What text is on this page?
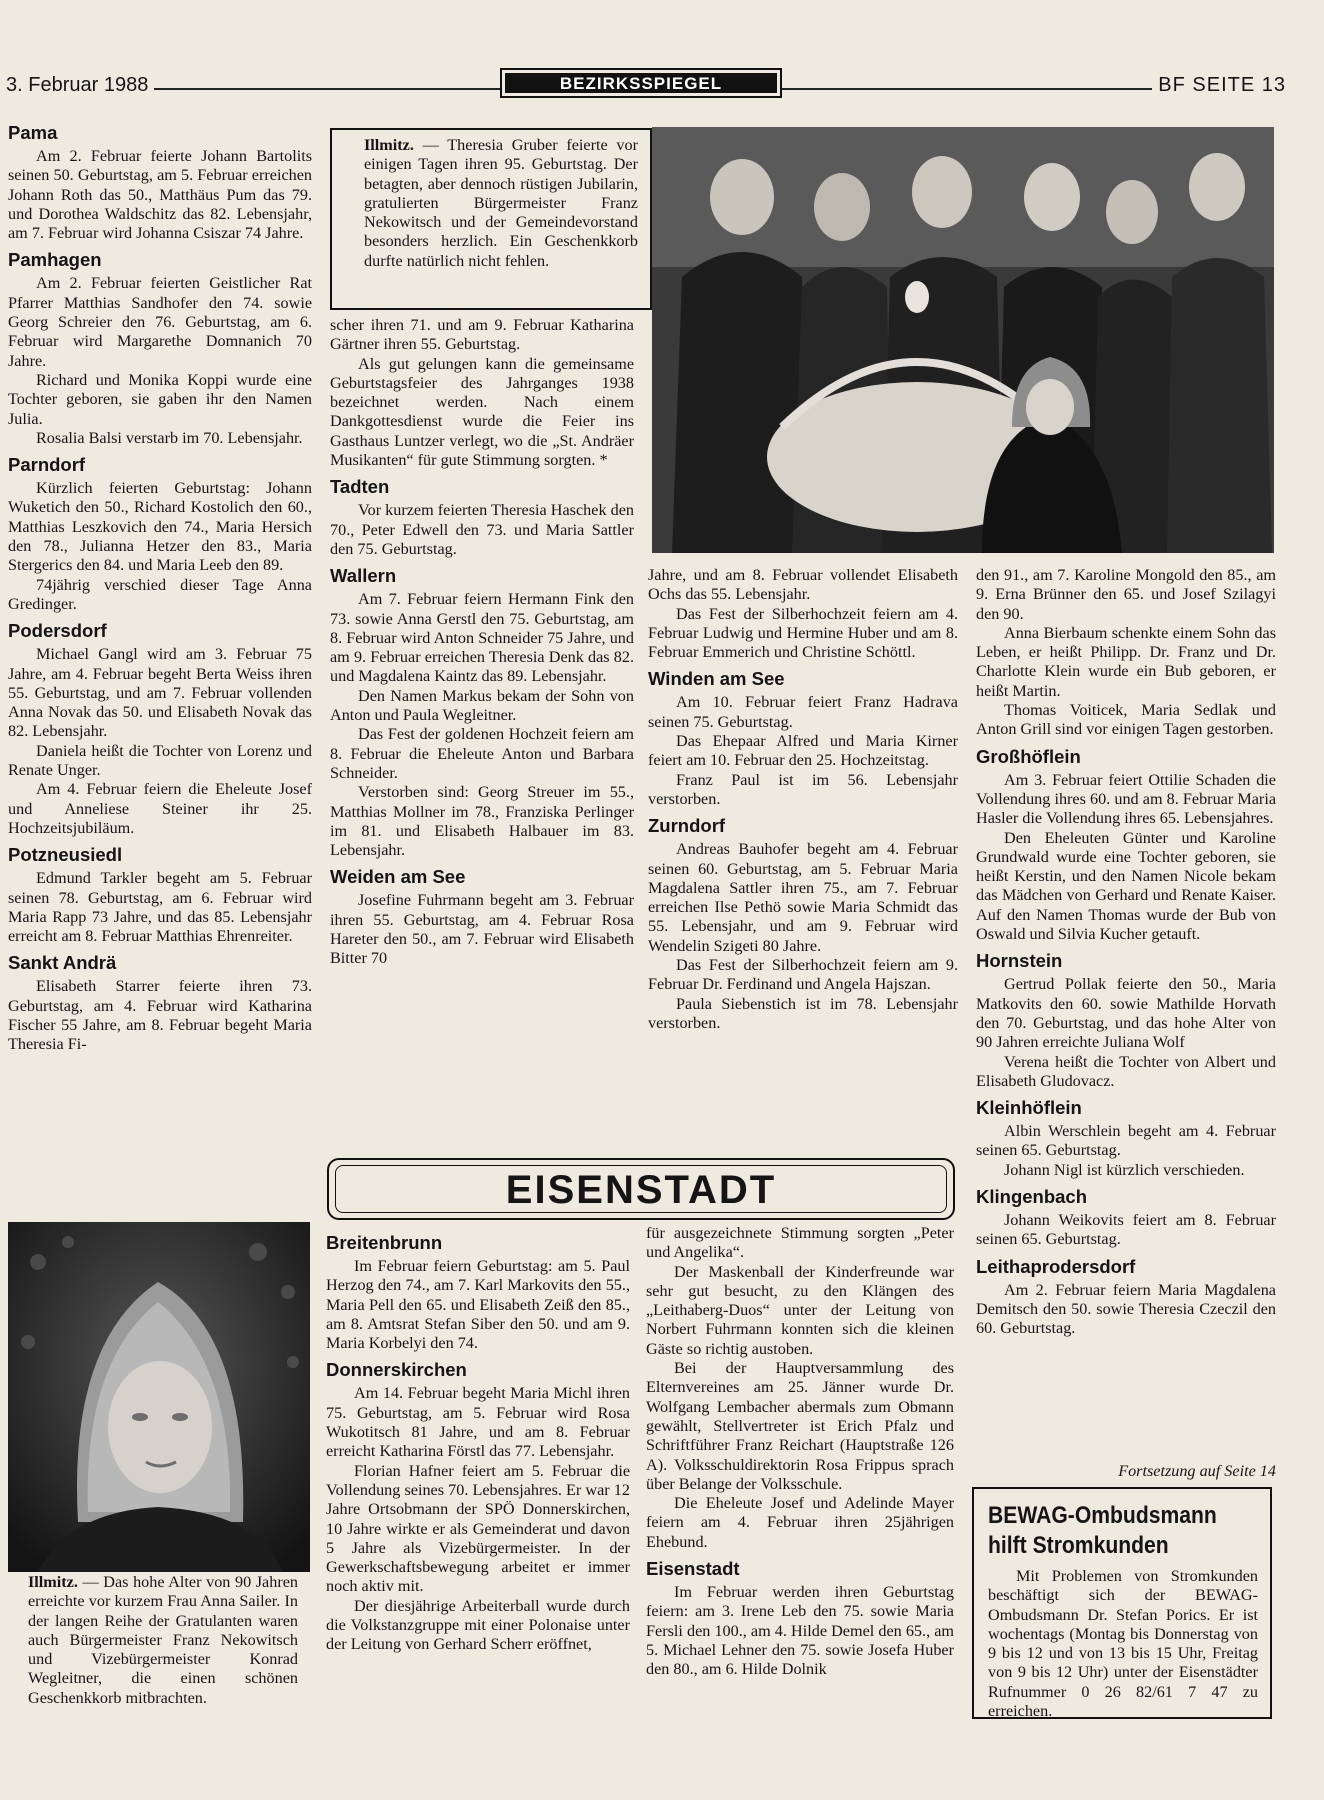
3. Februar 1988	BEZIRKSSPIEGEL	BF SEITE 13
Pama

Am 2. Februar feierte Johann Bartolits seinen 50. Geburtstag, am 5. Februar erreichen Johann Roth das 50., Matthäus Pum das 79. und Dorothea Waldschitz das 82. Lebensjahr, am 7. Februar wird Johanna Csiszar 74 Jahre.

Pamhagen

Am 2. Februar feierten Geistlicher Rat Pfarrer Matthias Sandhofer den 74. sowie Georg Schreier den 76. Geburtstag, am 6. Februar wird Margarethe Domnanich 70 Jahre.

Richard und Monika Koppi wurde eine Tochter geboren, sie gaben ihr den Namen Julia.

Rosalia Balsi verstarb im 70. Lebensjahr.

Parndorf

Kürzlich feierten Geburtstag: Johann Wuketich den 50., Richard Kostolich den 60., Matthias Leszkovich den 74., Maria Hersich den 78., Julianna Hetzer den 83., Maria Stergerics den 84. und Maria Leeb den 89.

74jährig verschied dieser Tage Anna Gredinger.

Podersdorf

Michael Gangl wird am 3. Februar 75 Jahre, am 4. Februar begeht Berta Weiss ihren 55. Geburtstag, und am 7. Februar vollenden Anna Novak das 50. und Elisabeth Novak das 82. Lebensjahr.

Daniela heißt die Tochter von Lorenz und Renate Unger.

Am 4. Februar feiern die Eheleute Josef und Anneliese Steiner ihr 25. Hochzeitsjubiläum.

Potzneusiedl

Edmund Tarkler begeht am 5. Februar seinen 78. Geburtstag, am 6. Februar wird Maria Rapp 73 Jahre, und das 85. Lebensjahr erreicht am 8. Februar Matthias Ehrenreiter.

Sankt Andrä

Elisabeth Starrer feierte ihren 73. Geburtstag, am 4. Februar wird Katharina Fischer 55 Jahre, am 8. Februar begeht Maria Theresia Fi-

Illmitz. — Das hohe Alter von 90 Jahren erreichte vor kurzem Frau Anna Sailer. In der langen Reihe der Gratulanten waren auch Bürgermeister Franz Nekowitsch und Vizebürgermeister Konrad Wegleitner, die einen schönen Geschenkkorb mitbrachten.
Illmitz. — Theresia Gruber feierte vor einigen Tagen ihren 95. Geburtstag. Der betagten, aber dennoch rüstigen Jubilarin, gratulierten Bürgermeister Franz Nekowitsch und der Gemeindevorstand besonders herzlich. Ein Geschenkkorb durfte natürlich nicht fehlen.

scher ihren 71. und am 9. Februar Katharina Gärtner ihren 55. Geburtstag.

Als gut gelungen kann die gemeinsame Geburtstagsfeier des Jahrganges 1938 bezeichnet werden. Nach einem Dankgottesdienst wurde die Feier ins Gasthaus Luntzer verlegt, wo die „St. Andräer Musikanten“ für gute Stimmung sorgten. *

Tadten

Vor kurzem feierten Theresia Haschek den 70., Peter Edwell den 73. und Maria Sattler den 75. Geburtstag.

Wallern

Am 7. Februar feiern Hermann Fink den 73. sowie Anna Gerstl den 75. Geburtstag, am 8. Februar wird Anton Schneider 75 Jahre, und am 9. Februar erreichen Theresia Denk das 82. und Magdalena Kaintz das 89. Lebensjahr.

Den Namen Markus bekam der Sohn von Anton und Paula Wegleitner.

Das Fest der goldenen Hochzeit feiern am 8. Februar die Eheleute Anton und Barbara Schneider.

Verstorben sind: Georg Streuer im 55., Matthias Mollner im 78., Franziska Perlinger im 81. und Elisabeth Halbauer im 83. Lebensjahr.

Weiden am See

Josefine Fuhrmann begeht am 3. Februar ihren 55. Geburtstag, am 4. Februar Rosa Hareter den 50., am 7. Februar wird Elisabeth Bitter 70

Jahre, und am 8. Februar vollendet Elisabeth Ochs das 55. Lebensjahr.

Das Fest der Silberhochzeit feiern am 4. Februar Ludwig und Hermine Huber und am 8. Februar Emmerich und Christine Schöttl.

Winden am See

Am 10. Februar feiert Franz Hadrava seinen 75. Geburtstag.

Das Ehepaar Alfred und Maria Kirner feiert am 10. Februar den 25. Hochzeitstag.

Franz Paul ist im 56. Lebensjahr verstorben.

Zurndorf

Andreas Bauhofer begeht am 4. Februar seinen 60. Geburtstag, am 5. Februar Maria Magdalena Sattler ihren 75., am 7. Februar erreichen Ilse Pethö sowie Maria Schmidt das 55. Lebensjahr, und am 9. Februar wird Wendelin Szigeti 80 Jahre.

Das Fest der Silberhochzeit feiern am 9. Februar Dr. Ferdinand und Angela Hajszan.

Paula Siebenstich ist im 78. Lebensjahr verstorben.

den 91., am 7. Karoline Mongold den 85., am 9. Erna Brünner den 65. und Josef Szilagyi den 90.

Anna Bierbaum schenkte einem Sohn das Leben, er heißt Philipp. Dr. Franz und Dr. Charlotte Klein wurde ein Bub geboren, er heißt Martin.

Thomas Voiticek, Maria Sedlak und Anton Grill sind vor einigen Tagen gestorben.

Großhöflein

Am 3. Februar feiert Ottilie Schaden die Vollendung ihres 60. und am 8. Februar Maria Hasler die Vollendung ihres 65. Lebensjahres.

Den Eheleuten Günter und Karoline Grundwald wurde eine Tochter geboren, sie heißt Kerstin, und den Namen Nicole bekam das Mädchen von Gerhard und Renate Kaiser. Auf den Namen Thomas wurde der Bub von Oswald und Silvia Kucher getauft.

Hornstein

Gertrud Pollak feierte den 50., Maria Matkovits den 60. sowie Mathilde Horvath den 70. Geburtstag, und das hohe Alter von 90 Jahren erreichte Juliana Wolf

Verena heißt die Tochter von Albert und Elisabeth Gludovacz.

Kleinhöflein

Albin Werschlein begeht am 4. Februar seinen 65. Geburtstag.

Johann Nigl ist kürzlich verschieden.

Klingenbach

Johann Weikovits feiert am 8. Februar seinen 65. Geburtstag.

Leithaprodersdorf

Am 2. Februar feiern Maria Magdalena Demitsch den 50. sowie Theresia Czeczil den 60. Geburtstag.

Fortsetzung auf Seite 14
EISENSTADT
Breitenbrunn

Im Februar feiern Geburtstag: am 5. Paul Herzog den 74., am 7. Karl Markovits den 55., Maria Pell den 65. und Elisabeth Zeiß den 85., am 8. Amtsrat Stefan Siber den 50. und am 9. Maria Korbelyi den 74.

Donnerskirchen

Am 14. Februar begeht Maria Michl ihren 75. Geburtstag, am 5. Februar wird Rosa Wukotitsch 81 Jahre, und am 8. Februar erreicht Katharina Förstl das 77. Lebensjahr.

Florian Hafner feiert am 5. Februar die Vollendung seines 70. Lebensjahres. Er war 12 Jahre Ortsobmann der SPÖ Donnerskirchen, 10 Jahre wirkte er als Gemeinderat und davon 5 Jahre als Vizebürgermeister. In der Gewerkschaftsbewegung arbeitet er immer noch aktiv mit.

Der diesjährige Arbeiterball wurde durch die Volkstanzgruppe mit einer Polonaise unter der Leitung von Gerhard Scherr eröffnet,

für ausgezeichnete Stimmung sorgten „Peter und Angelika“.

Der Maskenball der Kinderfreunde war sehr gut besucht, zu den Klängen des „Leithaberg-Duos“ unter der Leitung von Norbert Fuhrmann konnten sich die kleinen Gäste so richtig austoben.

Bei der Hauptversammlung des Elternvereines am 25. Jänner wurde Dr. Wolfgang Lembacher abermals zum Obmann gewählt, Stellvertreter ist Erich Pfalz und Schriftführer Franz Reichart (Hauptstraße 126 A). Volksschuldirektorin Rosa Frippus sprach über Belange der Volksschule.

Die Eheleute Josef und Adelinde Mayer feiern am 4. Februar ihren 25jährigen Ehebund.

Eisenstadt

Im Februar werden ihren Geburtstag feiern: am 3. Irene Leb den 75. sowie Maria Fersli den 100., am 4. Hilde Demel den 65., am 5. Michael Lehner den 75. sowie Josefa Huber den 80., am 6. Hilde Dolnik

BEWAG-Ombudsmann
hilft Stromkunden

Mit Problemen von Stromkunden beschäftigt sich der BEWAG-Ombudsmann Dr. Stefan Porics. Er ist wochentags (Montag bis Donnerstag von 9 bis 12 und von 13 bis 15 Uhr, Freitag von 9 bis 12 Uhr) unter der Eisenstädter Rufnummer 0 26 82/61 7 47 zu erreichen.
